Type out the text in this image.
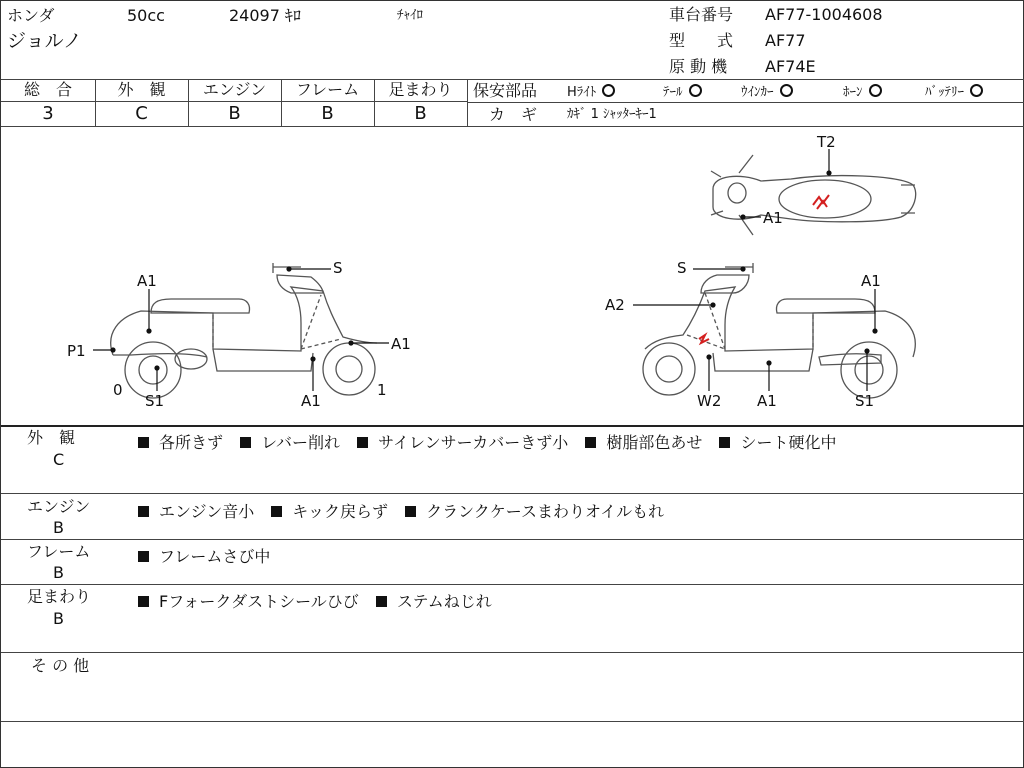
ホンダ	50cc	24097 ｷﾛ	ﾁｬｲﾛ
ジョルノ
車台番号 AF77-1004608
型　　式 AF77
原 動 機 AF74E
総　合	外　観	エンジン	フレーム	足まわり
3	C	B	B	B
保安部品 Hﾗｲﾄ	ﾃｰﾙ	ｳｲﾝｶｰ	ﾎｰﾝ	ﾊﾞｯﾃﾘｰ
カ　ギ ｶｷﾞ 1 ｼｬｯﾀｰｷｰ1
T2
A1
A1
S
P1	A1
0
S1	A1
1
S
A1
A2
W2 A1	S1
外　観
C
各所きず レバー削れ サイレンサーカバーきず小 樹脂部色あせ シート硬化中
エンジン
B
エンジン音小 キック戻らず クランクケースまわりオイルもれ
フレーム
B
フレームさび中
足まわり
B
Fフォークダストシールひび ステムねじれ
そ の 他
